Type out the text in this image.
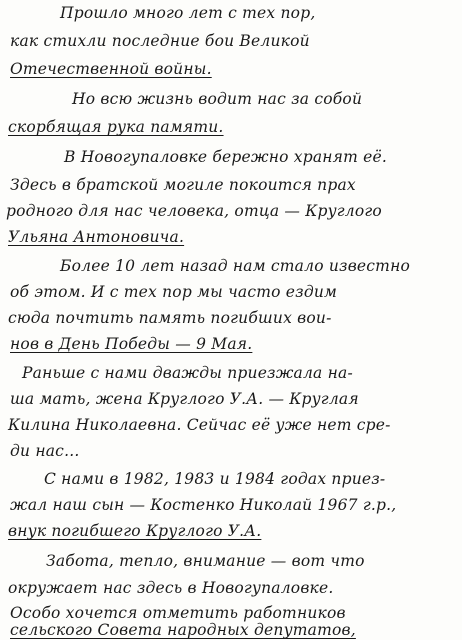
Прошло много лет с тех пор,
как стихли последние бои Великой
Отечественной войны.
Но всю жизнь водит нас за собой
скорбящая рука памяти.
В Новогупаловке бережно хранят её.
Здесь в братской могиле покоится прах
родного для нас человека, отца — Круглого
Ульяна Антоновича.
Более 10 лет назад нам стало известно
об этом. И с тех пор мы часто ездим
сюда почтить память погибших вои-
нов в День Победы — 9 Мая.
Раньше с нами дважды приезжала на-
ша мать, жена Круглого У.А. — Круглая
Килина Николаевна. Сейчас её уже нет сре-
ди нас...
С нами в 1982, 1983 и 1984 годах приез-
жал наш сын — Костенко Николай 1967 г.р.,
внук погибшего Круглого У.А.
Забота, тепло, внимание — вот что
окружает нас здесь в Новогупаловке.
Особо хочется отметить работников
сельского Совета народных депутатов,
